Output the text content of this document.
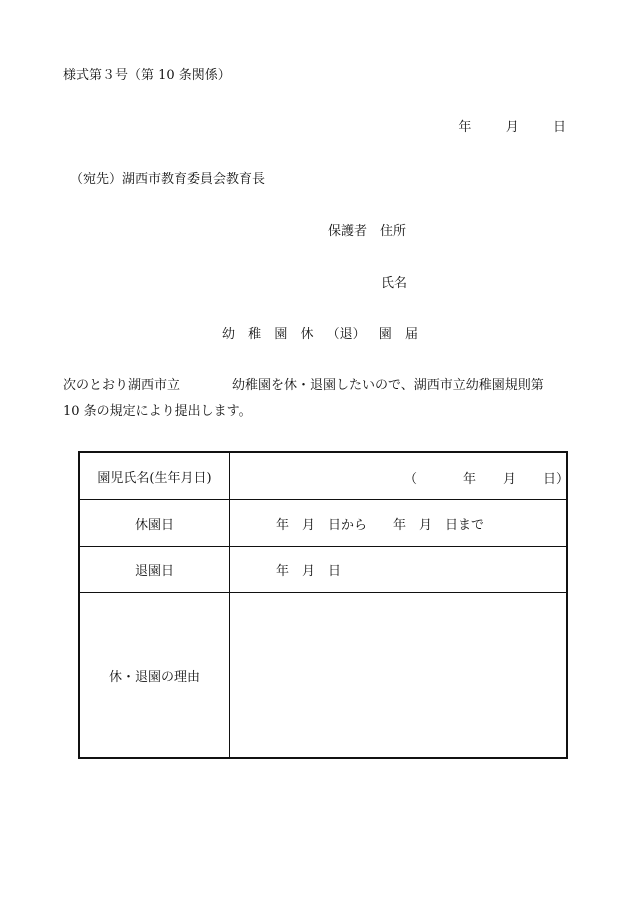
様式第３号（第 10 条関係）
年	月	日
（宛先）湖西市教育委員会教育長
保護者　住所
氏名
幼 稚 園 休 （退） 園 届
次のとおり湖西市立　　　　幼稚園を休・退園したいので、湖西市立幼稚園規則第
10 条の規定により提出します。
園児氏名(生年月日)	（ 年 月 日）

休園日	年　月　日から　　年　月　日まで
退園日	年　月　日
休・退園の理由	
